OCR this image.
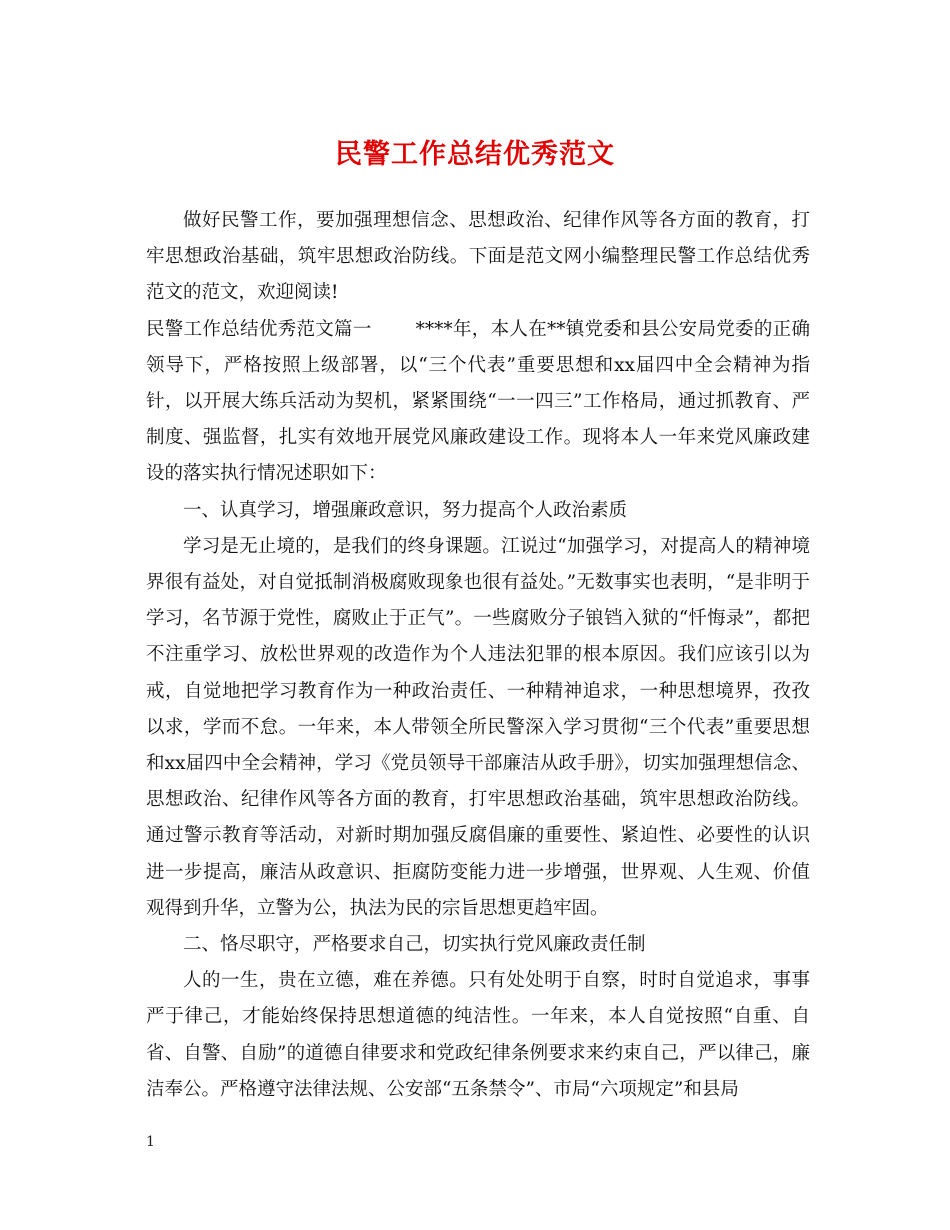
民警工作总结优秀范文

做好民警工作，要加强理想信念、思想政治、纪律作风等各方面的教育，打牢思想政治基础，筑牢思想政治防线。下面是范文网小编整理民警工作总结优秀范文的范文，欢迎阅读!

民警工作总结优秀范文篇一 ****年，本人在**镇党委和县公安局党委的正确领导下，严格按照上级部署，以“三个代表”重要思想和xx届四中全会精神为指针，以开展大练兵活动为契机，紧紧围绕“一一四三”工作格局，通过抓教育、严制度、强监督，扎实有效地开展党风廉政建设工作。现将本人一年来党风廉政建设的落实执行情况述职如下：

一、认真学习，增强廉政意识，努力提高个人政治素质

学习是无止境的，是我们的终身课题。江说过“加强学习，对提高人的精神境界很有益处，对自觉抵制消极腐败现象也很有益处。”无数事实也表明，“是非明于学习，名节源于党性，腐败止于正气”。一些腐败分子锒铛入狱的“忏悔录”，都把不注重学习、放松世界观的改造作为个人违法犯罪的根本原因。我们应该引以为戒，自觉地把学习教育作为一种政治责任、一种精神追求，一种思想境界，孜孜以求，学而不怠。一年来，本人带领全所民警深入学习贯彻“三个代表”重要思想和xx届四中全会精神，学习《党员领导干部廉洁从政手册》，切实加强理想信念、思想政治、纪律作风等各方面的教育，打牢思想政治基础，筑牢思想政治防线。通过警示教育等活动，对新时期加强反腐倡廉的重要性、紧迫性、必要性的认识进一步提高，廉洁从政意识、拒腐防变能力进一步增强，世界观、人生观、价值观得到升华，立警为公，执法为民的宗旨思想更趋牢固。

二、恪尽职守，严格要求自己，切实执行党风廉政责任制

人的一生，贵在立德，难在养德。只有处处明于自察，时时自觉追求，事事严于律己，才能始终保持思想道德的纯洁性。一年来，本人自觉按照“自重、自省、自警、自励”的道德自律要求和党政纪律条例要求来约束自己，严以律己，廉洁奉公。严格遵守法律法规、公安部“五条禁令”、市局“六项规定”和县局

1
